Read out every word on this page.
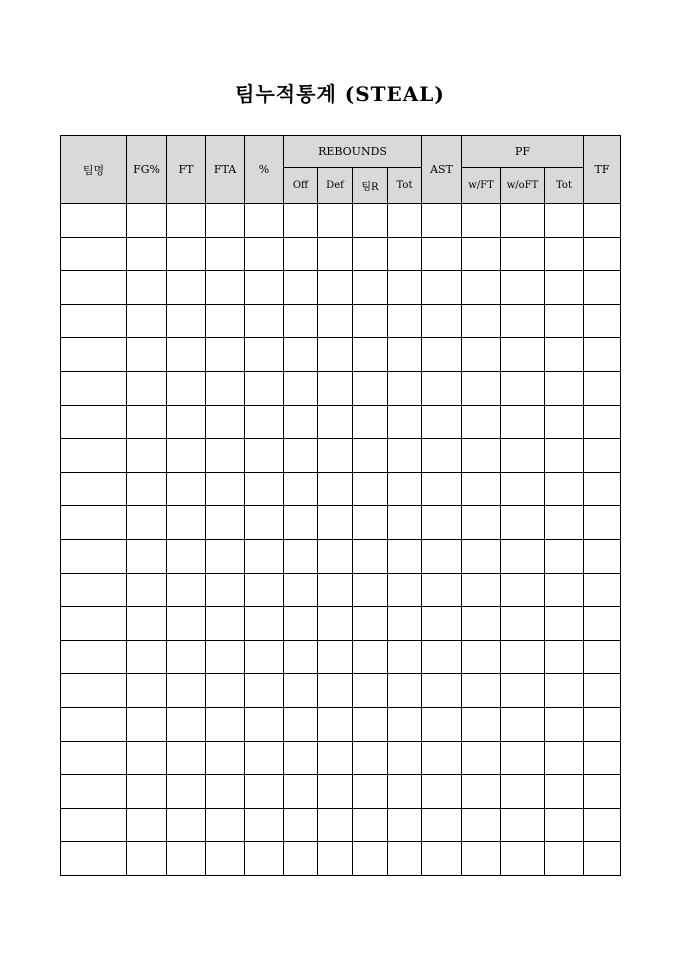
팀누적통계 (STEAL)
팀명	FG%	FT	FTA	%	REBOUNDS				AST	PF			TF
					Off	Def	팀R	Tot		w/FT	w/oFT	Tot	
